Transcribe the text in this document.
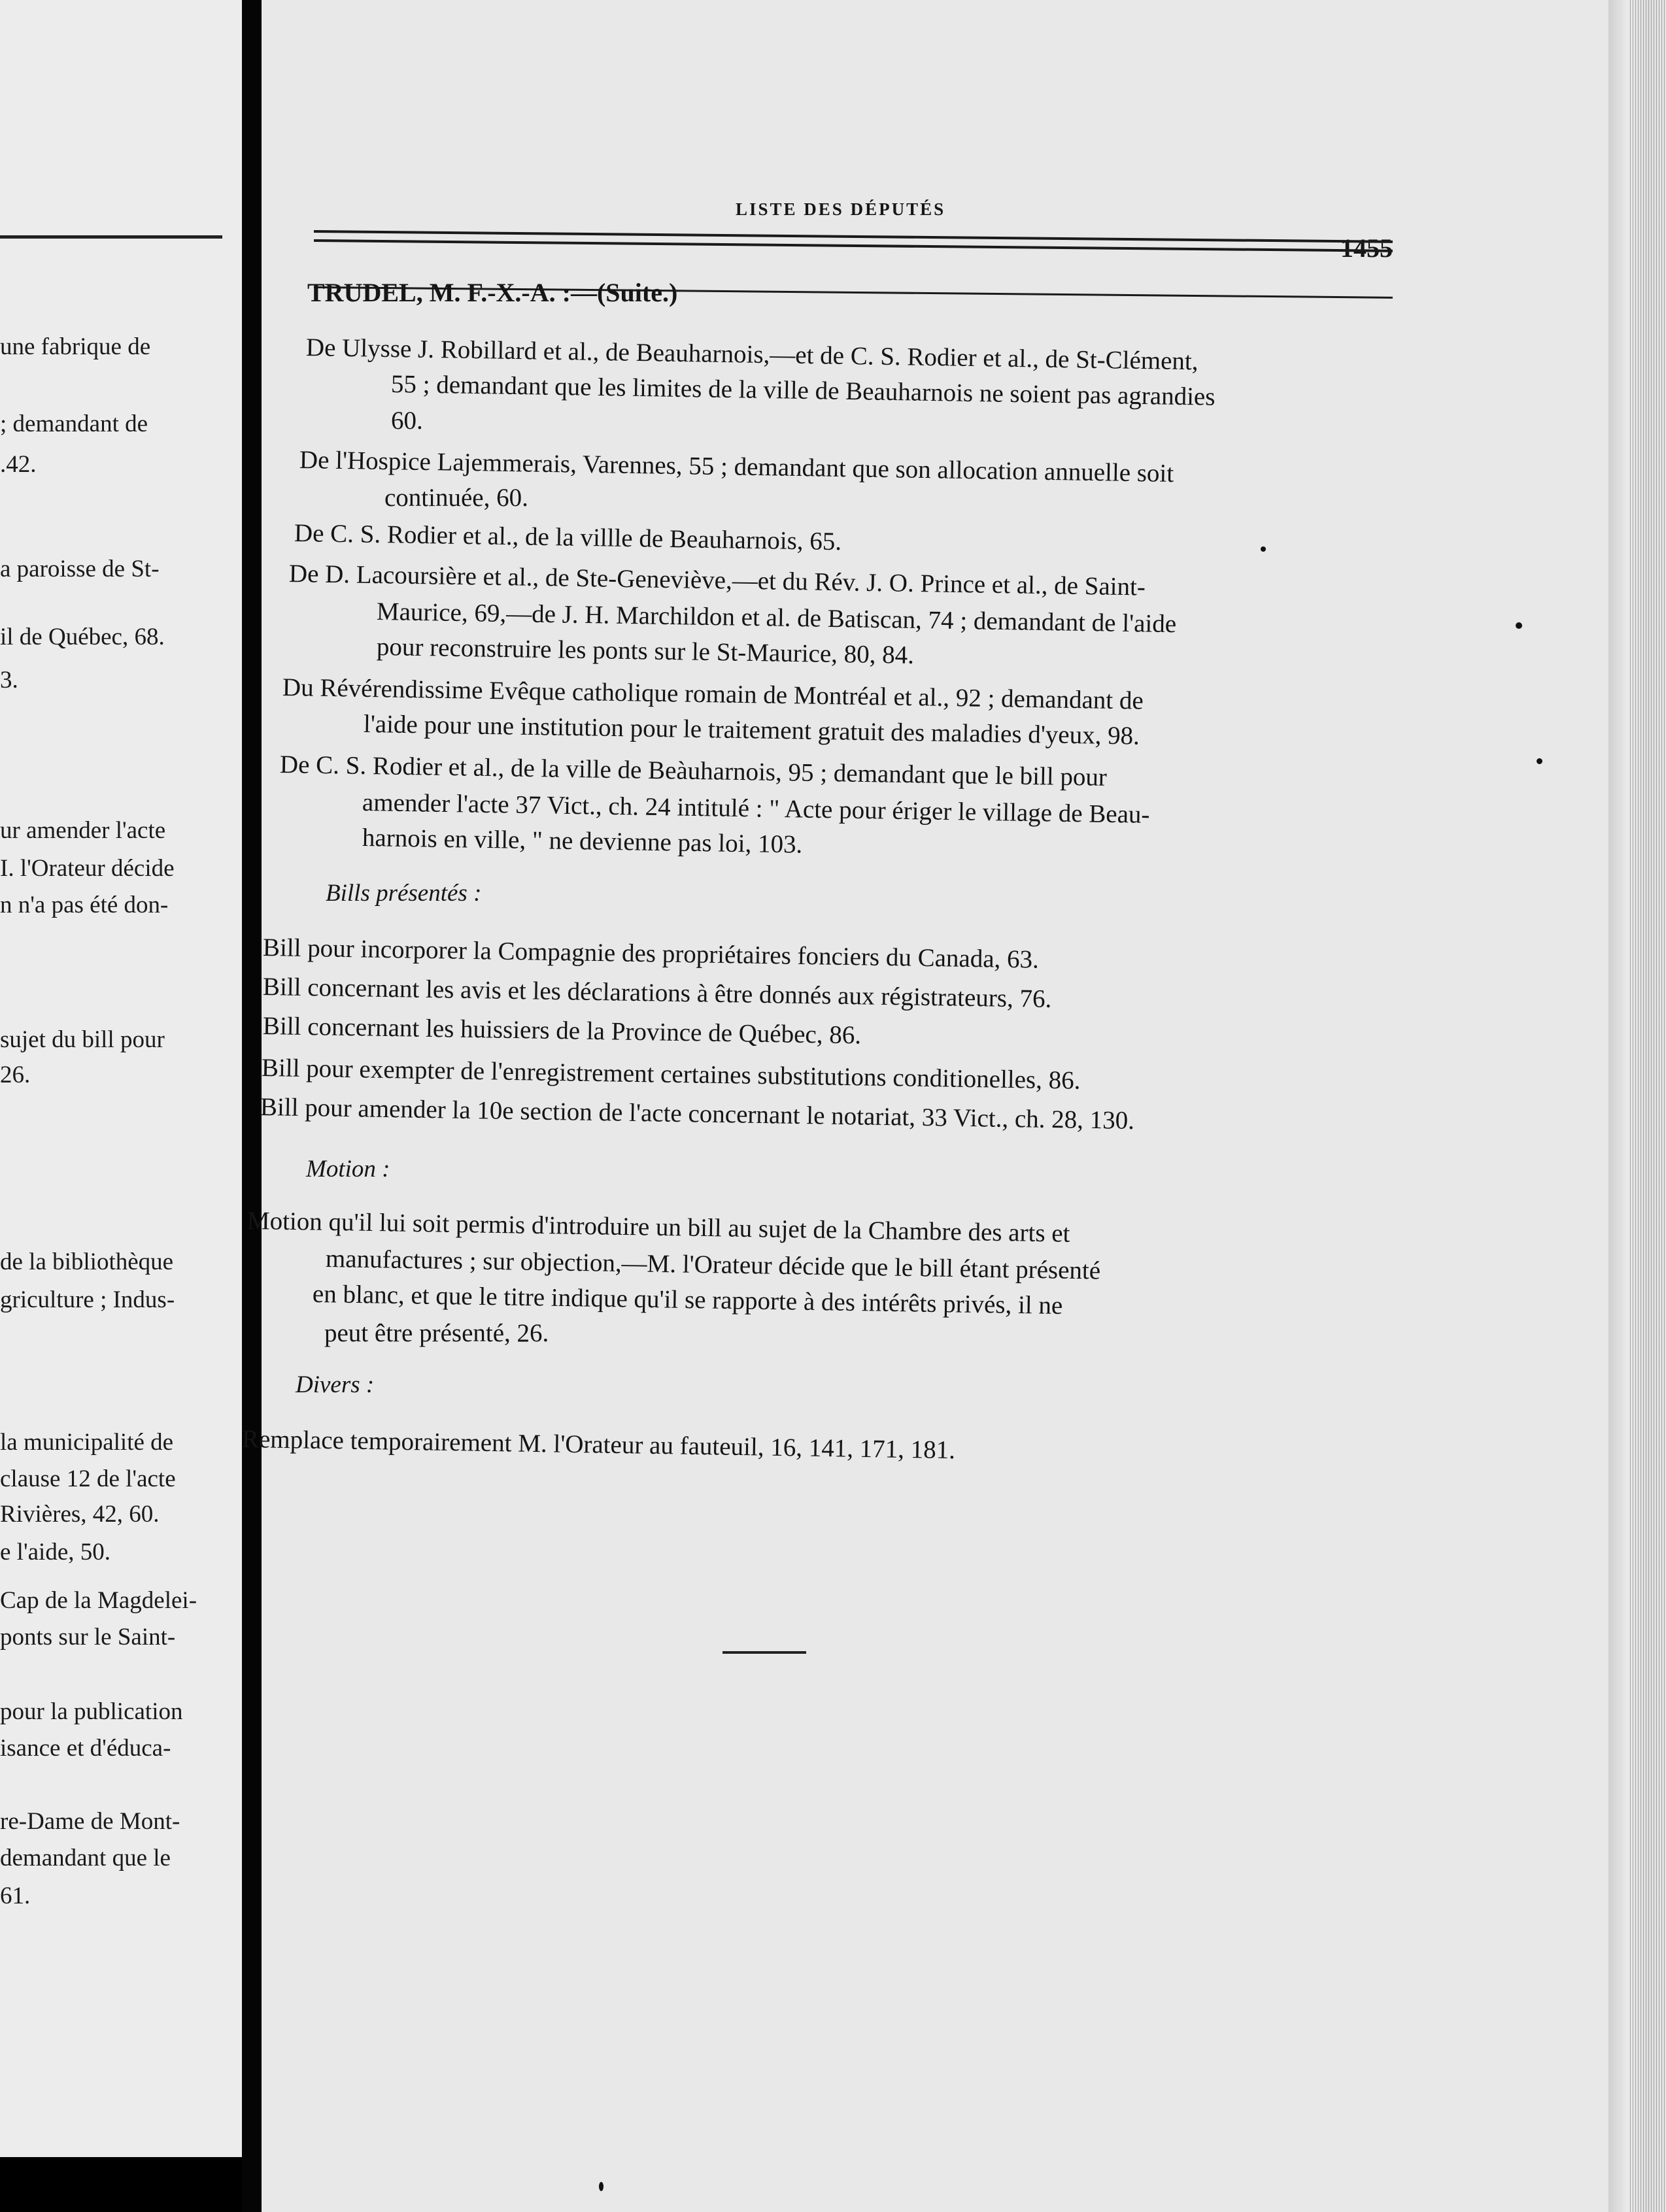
une fabrique de
; demandant de
.42.
a paroisse de St-
il de Québec, 68.
3.
ur amender l'acte
I. l'Orateur décide
n n'a pas été don-
sujet du bill pour
26.
de la bibliothèque
griculture ; Indus-
la municipalité de
clause 12 de l'acte
Rivières, 42, 60.
e l'aide, 50.
Cap de la Magdelei-
ponts sur le Saint-
pour la publication
isance et d'éduca-
re-Dame de Mont-
demandant que le
61.
LISTE DES DÉPUTÉS
1455
TRUDEL, M. F.-X.-A. :—(Suite.)
De Ulysse J. Robillard et al., de Beauharnois,—et de C. S. Rodier et al., de St-Clément,
55 ; demandant que les limites de la ville de Beauharnois ne soient pas agrandies
60.
De l'Hospice Lajemmerais, Varennes, 55 ; demandant que son allocation annuelle soit
continuée, 60.
De C. S. Rodier et al., de la villle de Beauharnois, 65.
De D. Lacoursière et al., de Ste-Geneviève,—et du Rév. J. O. Prince et al., de Saint-
Maurice, 69,—de J. H. Marchildon et al. de Batiscan, 74 ; demandant de l'aide
pour reconstruire les ponts sur le St-Maurice, 80, 84.
Du Révérendissime Evêque catholique romain de Montréal et al., 92 ; demandant de
l'aide pour une institution pour le traitement gratuit des maladies d'yeux, 98.
De C. S. Rodier et al., de la ville de Beàuharnois, 95 ; demandant que le bill pour
amender l'acte 37 Vict., ch. 24 intitulé : " Acte pour ériger le village de Beau-
harnois en ville, " ne devienne pas loi, 103.
Bills présentés :
Bill pour incorporer la Compagnie des propriétaires fonciers du Canada, 63.
Bill concernant les avis et les déclarations à être donnés aux régistrateurs, 76.
Bill concernant les huissiers de la Province de Québec, 86.
Bill pour exempter de l'enregistrement certaines substitutions conditionelles, 86.
Bill pour amender la 10e section de l'acte concernant le notariat, 33 Vict., ch. 28, 130.
Motion :
Motion qu'il lui soit permis d'introduire un bill au sujet de la Chambre des arts et
manufactures ; sur objection,—M. l'Orateur décide que le bill étant présenté
en blanc, et que le titre indique qu'il se rapporte à des intérêts privés, il ne
peut être présenté, 26.
Divers :
Remplace temporairement M. l'Orateur au fauteuil, 16, 141, 171, 181.
